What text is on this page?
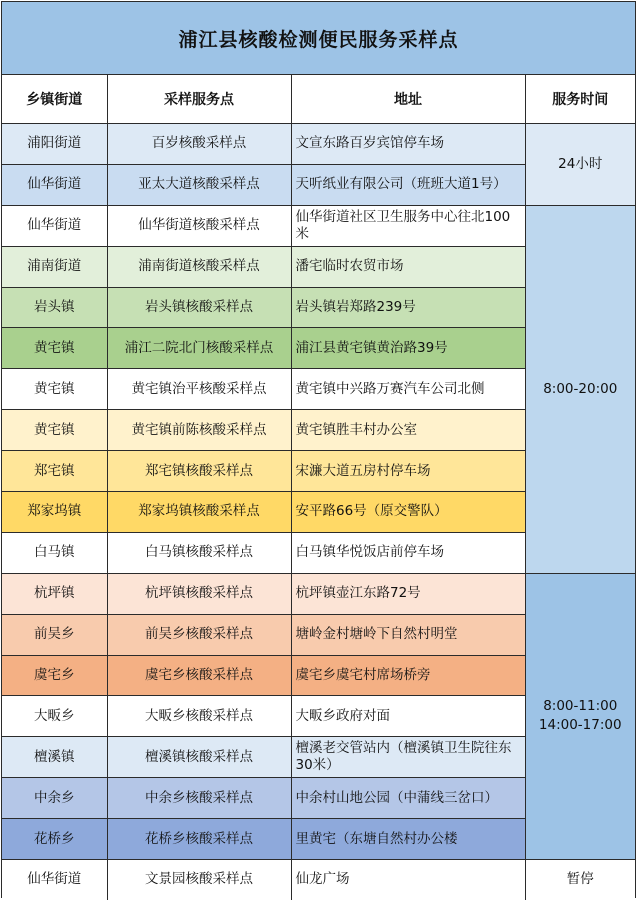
浦江县核酸检测便民服务采样点
乡镇街道	采样服务点	地址	服务时间
浦阳街道	百岁核酸采样点	文宣东路百岁宾馆停车场	24小时

仙华街道	亚太大道核酸采样点	天听纸业有限公司（班班大道1号）	
仙华街道	仙华街道核酸采样点	仙华街道社区卫生服务中心往北100米	8:00-20:00

浦南街道	浦南街道核酸采样点	潘宅临时农贸市场	
岩头镇	岩头镇核酸采样点	岩头镇岩郑路239号	
黄宅镇	浦江二院北门核酸采样点	浦江县黄宅镇黄治路39号	
黄宅镇	黄宅镇治平核酸采样点	黄宅镇中兴路万赛汽车公司北侧	
黄宅镇	黄宅镇前陈核酸采样点	黄宅镇胜丰村办公室	
郑宅镇	郑宅镇核酸采样点	宋濂大道五房村停车场	
郑家坞镇	郑家坞镇核酸采样点	安平路66号（原交警队）	
白马镇	白马镇核酸采样点	白马镇华悦饭店前停车场	
杭坪镇	杭坪镇核酸采样点	杭坪镇壶江东路72号	8:00-11:00
14:00-17:00

前吴乡	前吴乡核酸采样点	塘岭金村塘岭下自然村明堂	
虞宅乡	虞宅乡核酸采样点	虞宅乡虞宅村席场桥旁	
大畈乡	大畈乡核酸采样点	大畈乡政府对面	
檀溪镇	檀溪镇核酸采样点	檀溪老交管站内（檀溪镇卫生院往东30米）	
中余乡	中余乡核酸采样点	中余村山地公园（中蒲线三岔口）	
花桥乡	花桥乡核酸采样点	里黄宅（东塘自然村办公楼	
仙华街道	文景园核酸采样点	仙龙广场	暂停
